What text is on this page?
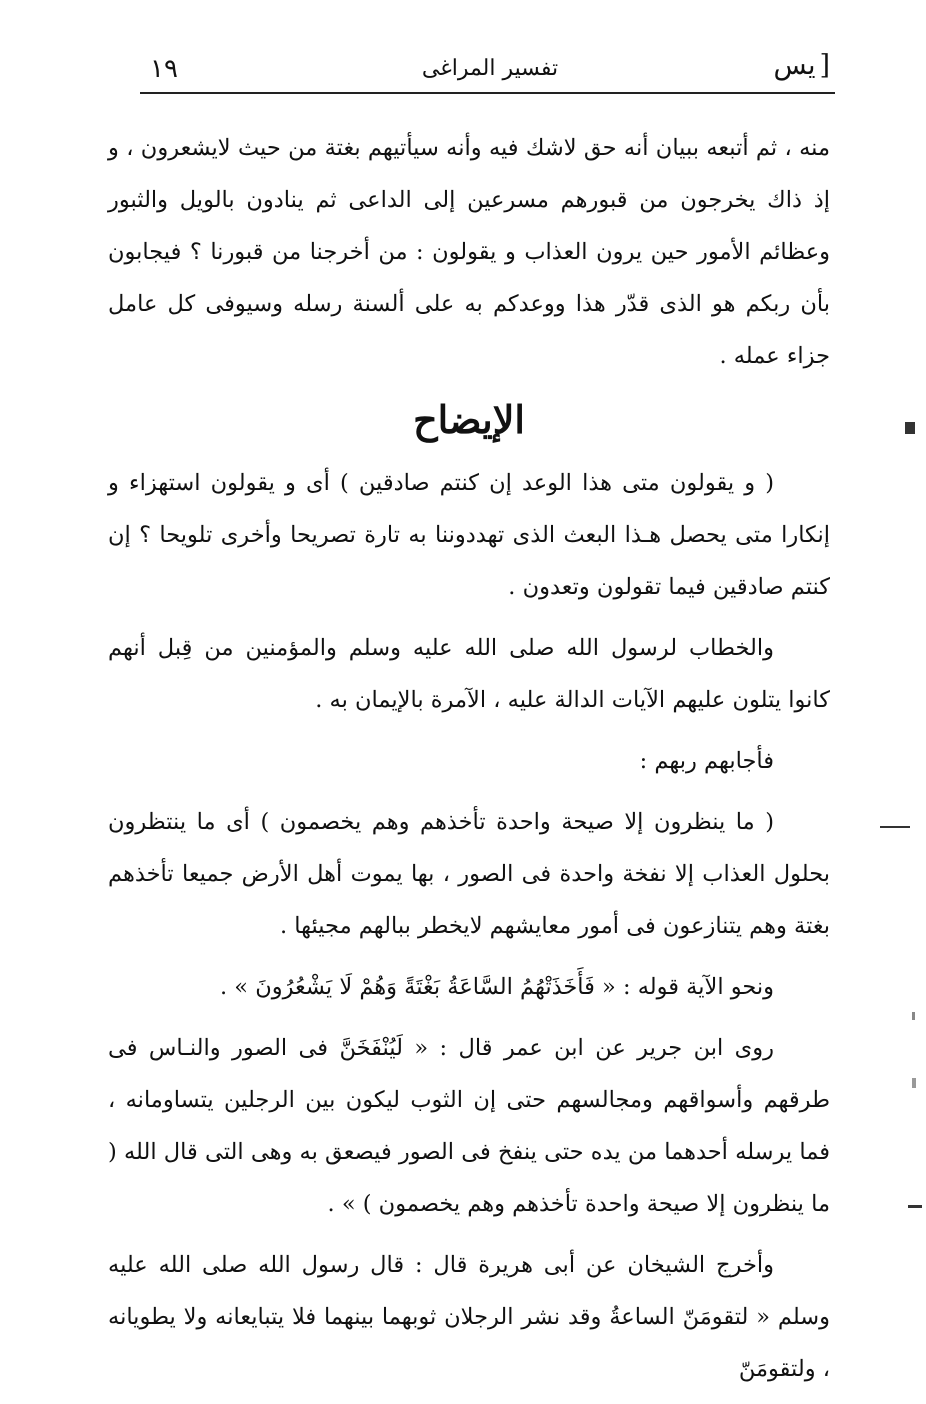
[يس
تفسير المراغى
١٩

منه ، ثم أتبعه ببيان أنه حق لاشك فيه وأنه سيأتيهم بغتة من حيث لايشعرون ، و إذ ذاك يخرجون من قبورهم مسرعين إلى الداعى ثم ينادون بالويل والثبور وعظائم الأمور حين يرون العذاب و يقولون : من أخرجنا من قبورنا ؟ فيجابون بأن ربكم هو الذى قدّر هذا ووعدكم به على ألسنة رسله وسيوفى كل عامل جزاء عمله .

الإيضاح

( و يقولون متى هذا الوعد إن كنتم صادقين ) أى و يقولون استهزاء و إنكارا متى يحصل هـذا البعث الذى تهددوننا به تارة تصريحا وأخرى تلويحا ؟ إن كنتم صادقين فيما تقولون وتعدون .

والخطاب لرسول الله صلى الله عليه وسلم والمؤمنين من قِبل أنهم كانوا يتلون عليهم الآيات الدالة عليه ، الآمرة بالإيمان به .

فأجابهم ربهم :

( ما ينظرون إلا صيحة واحدة تأخذهم وهم يخصمون ) أى ما ينتظرون بحلول العذاب إلا نفخة واحدة فى الصور ، بها يموت أهل الأرض جميعا تأخذهم بغتة وهم يتنازعون فى أمور معايشهم لايخطر ببالهم مجيئها .

ونحو الآية قوله : « فَأَخَذَتْهُمُ السَّاعَةُ بَغْتَةً وَهُمْ لَا يَشْعُرُونَ » .

روى ابن جرير عن ابن عمر قال : « لَيُنْفَخَنَّ فى الصور والنـاس فى طرقهم وأسواقهم ومجالسهم حتى إن الثوب ليكون بين الرجلين يتساومانه ، فما يرسله أحدهما من يده حتى ينفخ فى الصور فيصعق به وهى التى قال الله ( ما ينظرون إلا صيحة واحدة تأخذهم وهم يخصمون ) » .

وأخرج الشيخان عن أبى هريرة قال : قال رسول الله صلى الله عليه وسلم « لتقومَنّ الساعةُ وقد نشر الرجلان ثوبهما بينهما فلا يتبايعانه ولا يطويانه ، ولتقومَنّ
